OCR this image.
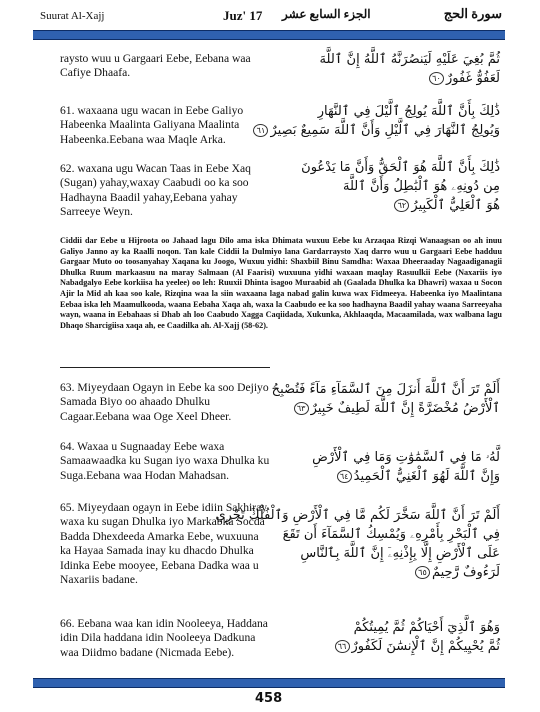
Suurat Al-Xajj	Juz' 17 الجزء السابع عشر	سورة الحج
raysto wuu u Gargaari Eebe, Eebana waa Cafiye Dhaafa.
ثُمَّ بُغِيَ عَلَيْهِ لَيَنصُرَنَّهُ ٱللَّهُ إِنَّ ٱللَّهَ
لَعَفُوٌّ غَفُورٌ٦٠
61. waxaana ugu wacan in Eebe Galiyo Habeenka Maalinta Galiyana Maalinta Habeenka.Eebana waa Maqle Arka.
ذَٰلِكَ بِأَنَّ ٱللَّهَ يُولِجُ ٱلَّيْلَ فِي ٱلنَّهَارِ
وَيُولِجُ ٱلنَّهَارَ فِي ٱلَّيْلِ وَأَنَّ ٱللَّهَ سَمِيعٌ بَصِيرٌ٦١
62. waxana ugu Wacan Taas in Eebe Xaq (Sugan) yahay,waxay Caabudi oo ka soo Hadhayna Baadil yahay,Eebana yahay Sarreeye Weyn.
ذَٰلِكَ بِأَنَّ ٱللَّهَ هُوَ ٱلْحَقُّ وَأَنَّ مَا يَدْعُونَ
مِن دُونِهِۦ هُوَ ٱلْبَٰطِلُ وَأَنَّ ٱللَّهَ
هُوَ ٱلْعَلِيُّ ٱلْكَبِيرُ٦٢
Ciddii dar Eebe u Hijroota oo Jahaad lagu Dilo ama iska Dhimata wuxuu Eebe ku Arzaqaa Rizqi Wanaagsan oo ah inuu Galiyo Janno ay ka Raalli noqon. Tan kale Ciddii la Dulmiyo lana Gardarraysto Xaq darro wuu u Gargaari Eebe hadduu Gargaar Muto oo toosanyahay Xaqana ku Joogo, Wuxuu yidhi: Shaxbiil Binu Samdha: Waxaa Dheeraaday Nagaadiganagii Dhulka Ruum markaasuu na maray Salmaan (Al Faarisi) wuxuuna yidhi waxaan maqlay Rasuulkii Eebe (Naxariis iyo Nabadgalyo Eebe korkiisa ha yeelee) oo leh: Ruuxii Dhinta isagoo Muraabid ah (Gaalada Dhulka ka Dhawri) waxaa u Socon Ajir la Mid ah kaa soo kale, Rizqina waa la siin waxaana laga nabad galin kuwa wax Fidmeeya. Habeenka iyo Maalintana Eebaa iska leh Maamulkooda, waana Eebaha Xaqa ah, waxa la Caabudo ee ka soo hadhayna Baadil yahay waana Sarreeyaha wayn, waana in Eebahaas si Dhab ah loo Caabudo Xagga Caqiidada, Xukunka, Akhlaaqda, Macaamilada, wax walbana lagu Dhaqo Sharcigiisa xaqa ah, ee Caadilka ah. Al-Xajj (58-62).
63. Miyeydaan Ogayn in Eebe ka soo Dejiyo Samada Biyo oo ahaado Dhulku Cagaar.Eebana waa Oge Xeel Dheer.
أَلَمْ تَرَ أَنَّ ٱللَّهَ أَنزَلَ مِنَ ٱلسَّمَآءِ مَآءً فَتُصْبِحُ
ٱلْأَرْضُ مُخْضَرَّةً إِنَّ ٱللَّهَ لَطِيفٌ خَبِيرٌ٦٣
64. Waxaa u Sugnaaday Eebe waxa Samaawaadka ku Sugan iyo waxa Dhulka ku Suga.Eebana waa Hodan Mahadsan.
لَّهُۥ مَا فِي ٱلسَّمَٰوَٰتِ وَمَا فِي ٱلْأَرْضِ
وَإِنَّ ٱللَّهَ لَهُوَ ٱلْغَنِيُّ ٱلْحَمِيدُ٦٤
65. Miyeydaan ogayn in Eebe idiin Sakhiray waxa ku sugan Dhulka iyo Markabka Socda Badda Dhexdeeda Amarka Eebe, wuxuuna ka Hayaa Samada inay ku dhacdo Dhulka Idinka Eebe mooyee, Eebana Dadka waa u Naxariis badane.
أَلَمْ تَرَ أَنَّ ٱللَّهَ سَخَّرَ لَكُم مَّا فِي ٱلْأَرْضِ وَٱلْفُلْكَ تَجْرِي
فِي ٱلْبَحْرِ بِأَمْرِهِۦ وَيُمْسِكُ ٱلسَّمَآءَ أَن تَقَعَ
عَلَى ٱلْأَرْضِ إِلَّا بِإِذْنِهِۦٓ إِنَّ ٱللَّهَ بِٱلنَّاسِ
لَرَءُوفٌ رَّحِيمٌ٦٥
66. Eebana waa kan idin Nooleeya, Haddana idin Dila haddana idin Nooleeya Dadkuna waa Diidmo badane (Nicmada Eebe).
وَهُوَ ٱلَّذِيٓ أَحْيَاكُمْ ثُمَّ يُمِيتُكُمْ
ثُمَّ يُحْيِيكُمْ إِنَّ ٱلْإِنسَٰنَ لَكَفُورٌ٦٦
458
